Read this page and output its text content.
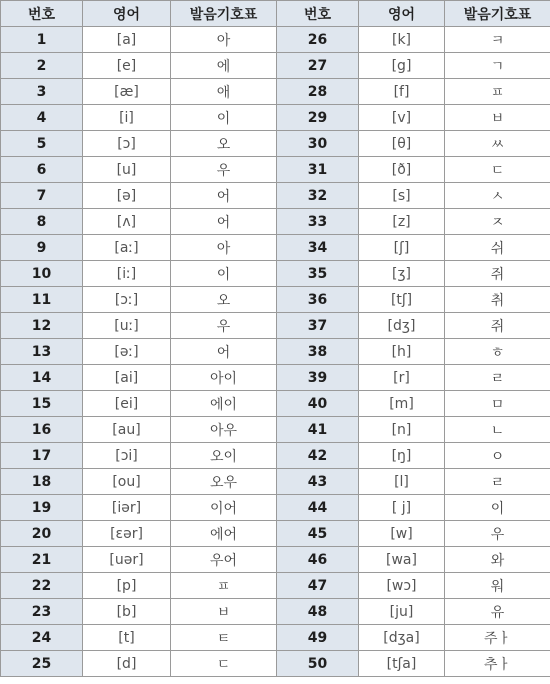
번호	영어	발음기호표	번호	영어	발음기호표
1	[a]	아	26	[k]	ㅋ
2	[e]	에	27	[g]	ㄱ
3	[æ]	애	28	[f]	ㅍ
4	[i]	이	29	[v]	ㅂ
5	[ɔ]	오	30	[θ]	ㅆ
6	[u]	우	31	[ð]	ㄷ
7	[ə]	어	32	[s]	ㅅ
8	[ʌ]	어	33	[z]	ㅈ
9	[aː]	아	34	[ʃ]	쉬
10	[iː]	이	35	[ʒ]	쥐
11	[ɔː]	오	36	[tʃ]	취
12	[uː]	우	37	[dʒ]	쥐
13	[əː]	어	38	[h]	ㅎ
14	[ai]	아이	39	[r]	ㄹ
15	[ei]	에이	40	[m]	ㅁ
16	[au]	아우	41	[n]	ㄴ
17	[ɔi]	오이	42	[ŋ]	ㅇ
18	[ou]	오우	43	[l]	ㄹ
19	[iər]	이어	44	[ j]	이
20	[ɛər]	에어	45	[w]	우
21	[uər]	우어	46	[wa]	와
22	[p]	ㅍ	47	[wɔ]	워
23	[b]	ㅂ	48	[ju]	유
24	[t]	ㅌ	49	[dʒa]	주ㅏ
25	[d]	ㄷ	50	[tʃa]	추ㅏ
